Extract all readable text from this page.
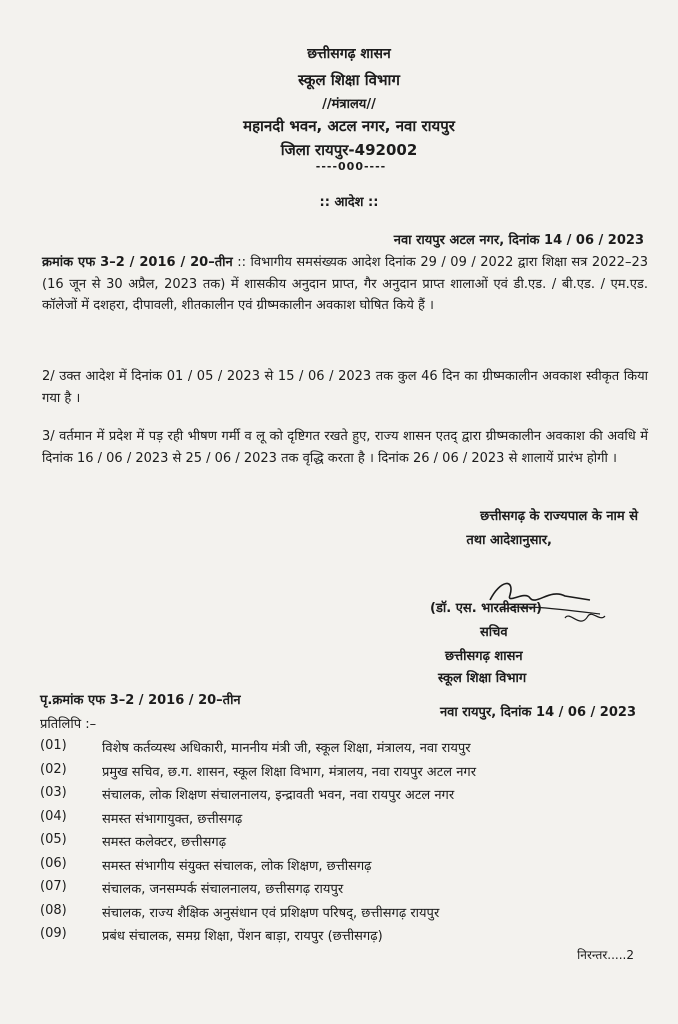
छत्तीसगढ़ शासन
स्कूल शिक्षा विभाग
//मंत्रालय//
महानदी भवन, अटल नगर, नवा रायपुर
जिला रायपुर-492002
----000----
:: आदेश ::
नवा रायपुर अटल नगर, दिनांक 14 / 06 / 2023
क्रमांक एफ 3–2 / 2016 / 20–तीन :: विभागीय समसंख्यक आदेश दिनांक 29 / 09 / 2022 द्वारा शिक्षा सत्र 2022–23 (16 जून से 30 अप्रैल, 2023 तक) में शासकीय अनुदान प्राप्त, गैर अनुदान प्राप्त शालाओं एवं डी.एड. / बी.एड. / एम.एड. कॉलेजों में दशहरा, दीपावली, शीतकालीन एवं ग्रीष्मकालीन अवकाश घोषित किये हैं ।
2/ उक्त आदेश में दिनांक 01 / 05 / 2023 से 15 / 06 / 2023 तक कुल 46 दिन का ग्रीष्मकालीन अवकाश स्वीकृत किया गया है ।
3/ वर्तमान में प्रदेश में पड़ रही भीषण गर्मी व लू को दृष्टिगत रखते हुए, राज्य शासन एतद् द्वारा ग्रीष्मकालीन अवकाश की अवधि में दिनांक 16 / 06 / 2023 से 25 / 06 / 2023 तक वृद्धि करता है । दिनांक 26 / 06 / 2023 से शालायें प्रारंभ होगी ।
छत्तीसगढ़ के राज्यपाल के नाम से
तथा आदेशानुसार,
(डॉ. एस. भारतीदासन)
सचिव
छत्तीसगढ़ शासन
स्कूल शिक्षा विभाग
पृ.क्रमांक एफ 3–2 / 2016 / 20–तीन
नवा रायपुर, दिनांक 14 / 06 / 2023
प्रतिलिपि :–
(01)	विशेष कर्तव्यस्थ अधिकारी, माननीय मंत्री जी, स्कूल शिक्षा, मंत्रालय, नवा रायपुर
(02)	प्रमुख सचिव, छ.ग. शासन, स्कूल शिक्षा विभाग, मंत्रालय, नवा रायपुर अटल नगर
(03)	संचालक, लोक शिक्षण संचालनालय, इन्द्रावती भवन, नवा रायपुर अटल नगर
(04)	समस्त संभागायुक्त, छत्तीसगढ़
(05)	समस्त कलेक्टर, छत्तीसगढ़
(06)	समस्त संभागीय संयुक्त संचालक, लोक शिक्षण, छत्तीसगढ़
(07)	संचालक, जनसम्पर्क संचालनालय, छत्तीसगढ़ रायपुर
(08)	संचालक, राज्य शैक्षिक अनुसंधान एवं प्रशिक्षण परिषद्, छत्तीसगढ़ रायपुर
(09)	प्रबंध संचालक, समग्र शिक्षा, पेंशन बाड़ा, रायपुर (छत्तीसगढ़)
निरन्तर.....2
